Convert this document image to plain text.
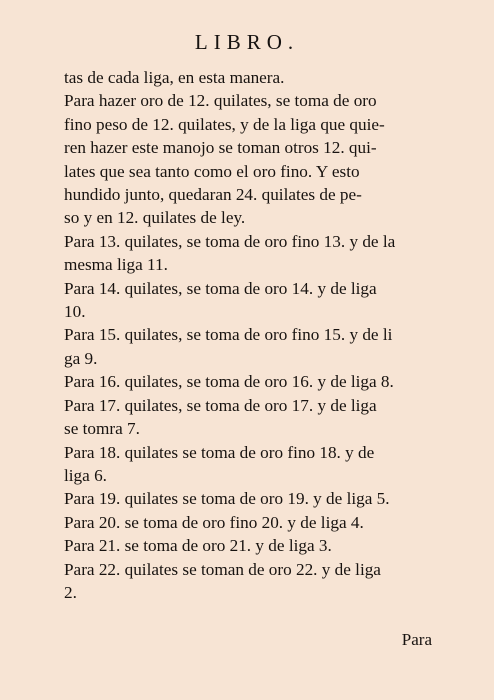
LIBRO.
tas de cada liga, en esta manera.
Para hazer oro de 12. quilates, se toma de oro
fino peso de 12. quilates, y de la liga que quie-
ren hazer este manojo se toman otros 12. qui-
lates que sea tanto como el oro fino. Y esto
hundido junto, quedaran 24. quilates de pe-
so y en 12. quilates de ley.
Para 13. quilates, se toma de oro fino 13. y de la
mesma liga 11.
Para 14. quilates, se toma de oro 14. y de liga
10.
Para 15. quilates, se toma de oro fino 15. y de li
ga 9.
Para 16. quilates, se toma de oro 16. y de liga 8.
Para 17. quilates, se toma de oro 17. y de liga
se tomra 7.
Para 18. quilates se toma de oro fino 18. y de
liga 6.
Para 19. quilates se toma de oro 19. y de liga 5.
Para 20. se toma de oro fino 20. y de liga 4.
Para 21. se toma de oro 21. y de liga 3.
Para 22. quilates se toman de oro 22. y de liga
2.
Para
